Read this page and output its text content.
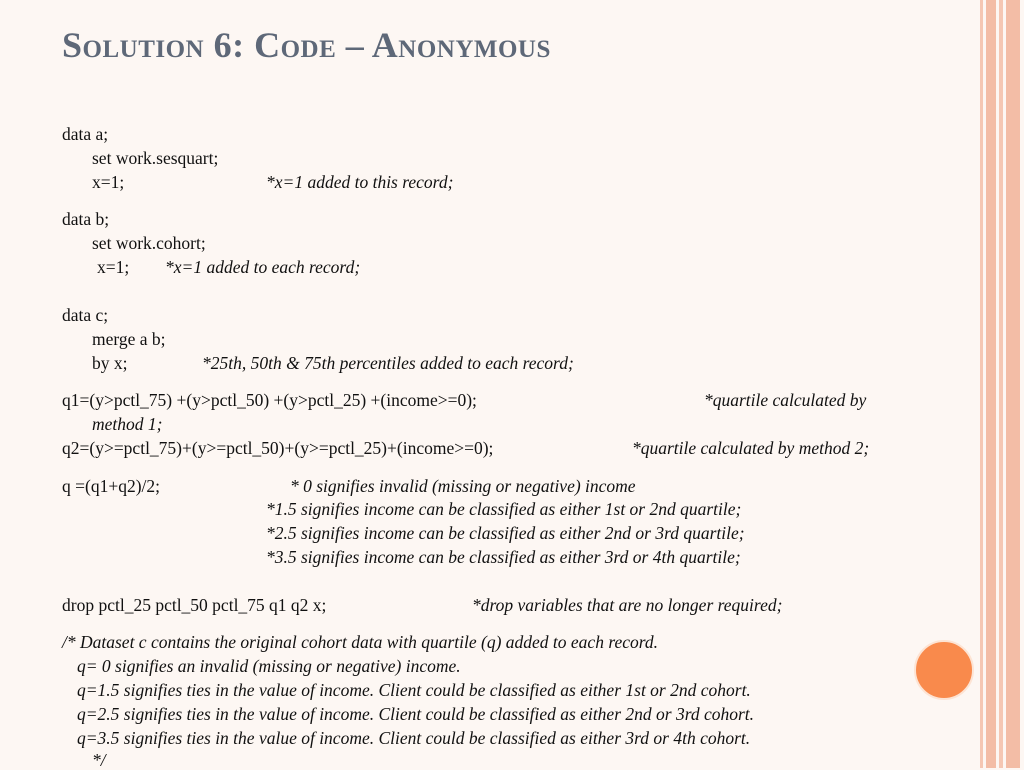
Solution 6: Code – Anonymous
data a;
set work.sesquart;
x=1;	*x=1 added to this record;
data b;
set work.cohort;
x=1; *x=1 added to each record;
data c;
merge a b;
by x;	*25th, 50th & 75th percentiles added to each record;
q1=(y>pctl_75) +(y>pctl_50) +(y>pctl_25) +(income>=0);	*quartile calculated by
method 1;
q2=(y>=pctl_75)+(y>=pctl_50)+(y>=pctl_25)+(income>=0);	*quartile calculated by method 2;
q =(q1+q2)/2;	* 0 signifies invalid (missing or negative) income
*1.5 signifies income can be classified as either 1st or 2nd quartile;
*2.5 signifies income can be classified as either 2nd or 3rd quartile;
*3.5 signifies income can be classified as either 3rd or 4th quartile;
drop pctl_25 pctl_50 pctl_75 q1 q2 x;	*drop variables that are no longer required;
/* Dataset c contains the original cohort data with quartile (q) added to each record.
q= 0 signifies an invalid (missing or negative) income.
q=1.5 signifies ties in the value of income. Client could be classified as either 1st or 2nd cohort.
q=2.5 signifies ties in the value of income. Client could be classified as either 2nd or 3rd cohort.
q=3.5 signifies ties in the value of income. Client could be classified as either 3rd or 4th cohort.
*/
